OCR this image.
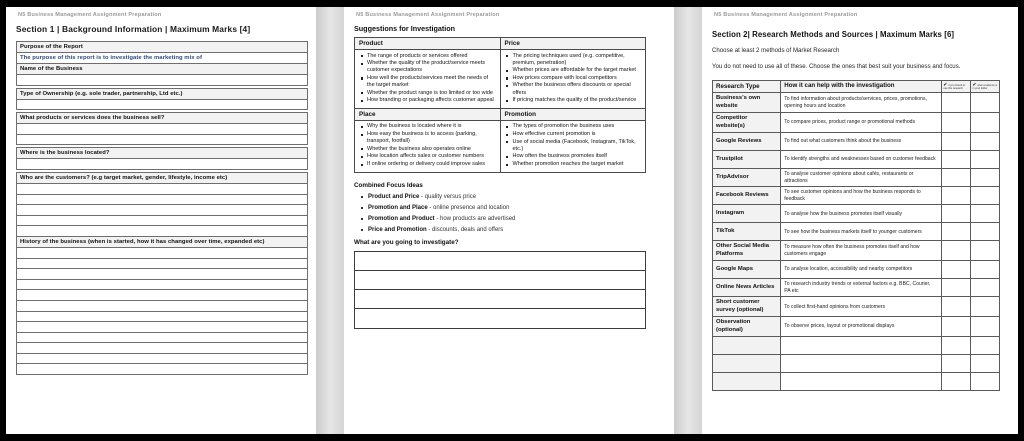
N5 Business Management Assignment Preparation
Section 1 | Background Information | Maximum Marks [4]
Purpose of the Report
The purpose of this report is to investigate the marketing mix of
Name of the Business

Type of Ownership (e.g. sole trader, partnership, Ltd etc.)

What products or services does the business sell?

Where is the business located?

Who are the customers? (e.g target market, gender, lifestyle, income etc)

History of the business (when is started, how it has changed over time, expanded etc)

N5 Business Management Assignment Preparation
Suggestions for Investigation
Product	Price

The range of products or services offered
Whether the quality of the product/service meets customer expectations
How well the products/services meet the needs of the target market
Whether the product range is too limited or too wide
How branding or packaging affects customer appeal

The pricing techniques used (e.g. competitive, premium, penetration)
Whether prices are affordable for the target market
How prices compare with local competitors
Whether the business offers discounts or special offers
If pricing matches the quality of the product/service

Place	Promotion

Why the business is located where it is
How easy the business is to access (parking, transport, footfall)
Whether the business also operates online
How location affects sales or customer numbers
If online ordering or delivery could improve sales

The types of promotion the business uses
How effective current promotion is
Use of social media (Facebook, Instagram, TikTok, etc.)
How often the business promotes itself
Whether promotion reaches the target market
Combined Focus Ideas
Product and Price - quality versus price
Promotion and Place - online presence and location
Promotion and Product - how products are advertised
Price and Promotion - discounts, deals and offers
What are you going to investigate?
N5 Business Management Assignment Preparation
Section 2| Research Methods and Sources | Maximum Marks [6]
Choose at least 2 methods of Market Research
You do not need to use all of these. Choose the ones that best suit your business and focus.
Research Type	How it can help with the investigation	✔ if you intend to use this research	✔ when evidence is in your folder
Business's own website	To find information about products/services, prices, promotions, opening hours and location		
Competitor website(s)	To compare prices, product range or promotional methods		
Google Reviews	To find out what customers think about the business		
Trustpilot	To identify strengths and weaknesses based on customer feedback		
TripAdvisor	To analyse customer opinions about cafés, restaurants or attractions		
Facebook Reviews	To see customer opinions and how the business responds to feedback		
Instagram	To analyse how the business promotes itself visually		
TikTok	To see how the business markets itself to younger customers		
Other Social Media Platforms	To measure how often the business promotes itself and how customers engage		
Google Maps	To analyse location, accessibility and nearby competitors		
Online News Articles	To research industry trends or external factors e.g. BBC, Courier, PA etc		
Short customer survey (optional)	To collect first-hand opinions from customers		
Observation (optional)	To observe prices, layout or promotional displays		
